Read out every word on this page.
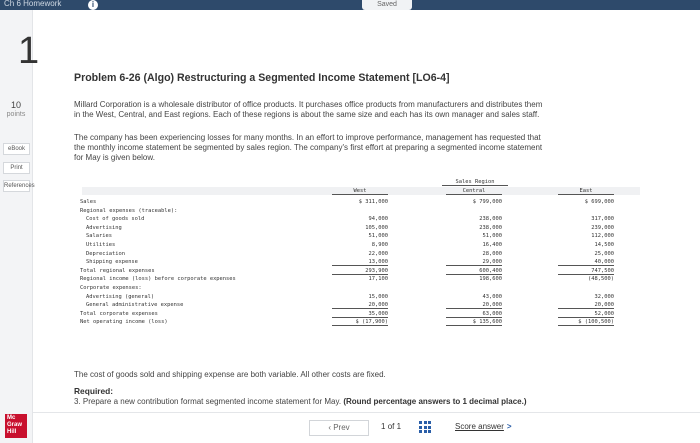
Ch 6 Homework	i	Saved
1
10
points
eBook
Print
References
Mc
Graw
Hill
Problem 6-26 (Algo) Restructuring a Segmented Income Statement [LO6-4]
Millard Corporation is a wholesale distributor of office products. It purchases office products from manufacturers and distributes them
in the West, Central, and East regions. Each of these regions is about the same size and each has its own manager and sales staff.
The company has been experiencing losses for many months. In an effort to improve performance, management has requested that
the monthly income statement be segmented by sales region. The company's first effort at preparing a segmented income statement
for May is given below.
Sales Region
West	Central	East
Sales	$ 311,000	$ 799,000	$ 699,000
Regional expenses (traceable):
Cost of goods sold	94,000	238,000	317,000
Advertising	105,000	238,000	239,000
Salaries	51,000	51,000	112,000
Utilities	8,900	16,400	14,500
Depreciation	22,000	28,000	25,000
Shipping expense	13,000	29,000	40,000
Total regional expenses	293,900	600,400	747,500
Regional income (loss) before corporate expenses	17,100	198,600	(48,500)
Corporate expenses:
Advertising (general)	15,000	43,000	32,000
General administrative expense	20,000	20,000	20,000
Total corporate expenses	35,000	63,000	52,000
Net operating income (loss)	$ (17,900)	$ 135,600	$ (100,500)
The cost of goods sold and shipping expense are both variable. All other costs are fixed.
Required:
3. Prepare a new contribution format segmented income statement for May. (Round percentage answers to 1 decimal place.)
‹ Prev	1 of 1	Score answer >
